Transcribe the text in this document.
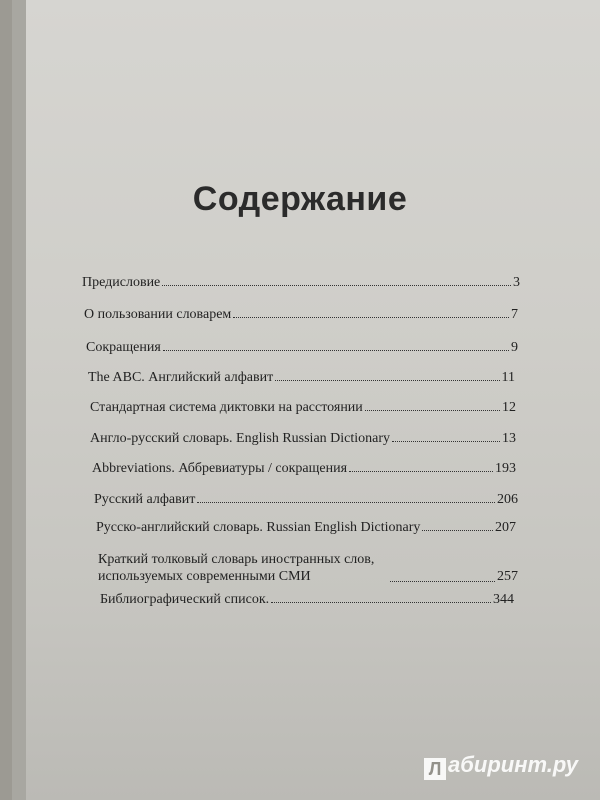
Содержание
Предисловие	3
О пользовании словарем	7
Сокращения	9
The ABC. Английский алфавит	11
Стандартная система диктовки на расстоянии	12
Англо-русский словарь. English Russian Dictionary	13
Abbreviations. Аббревиатуры / сокращения	193
Русский алфавит	206
Русско-английский словарь. Russian English Dictionary	207
Краткий толковый словарь иностранных слов, используемых современными СМИ	257
Библиографический список.	344
Л абиринт.ру
